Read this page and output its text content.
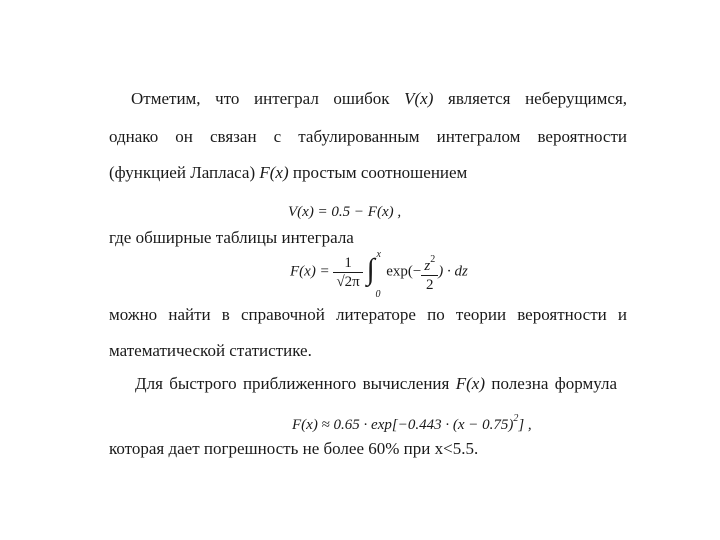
Отметим, что интеграл ошибок V(x) является неберущимся,
однако он связан с табулированным интегралом вероятности
(функцией Лапласа) F(x) простым соотношением
V(x) = 0.5 − F(x) ,
где обширные таблицы интеграла
$F(x) = \frac{1}{√2\pi}$
∫ x
0
$\exp(- \frac{z^2}{2}$ ) · dz
можно найти в справочной литераторе по теории вероятности и
математической статистике.
Для быстрого приближенного вычисления F(x) полезна формула
$F(x) \approx 0.65 \cdot \exp[-0.443 \cdot (x - 0.75)^2]$ ,
которая дает погрешность не более 60% при x<5.5.
